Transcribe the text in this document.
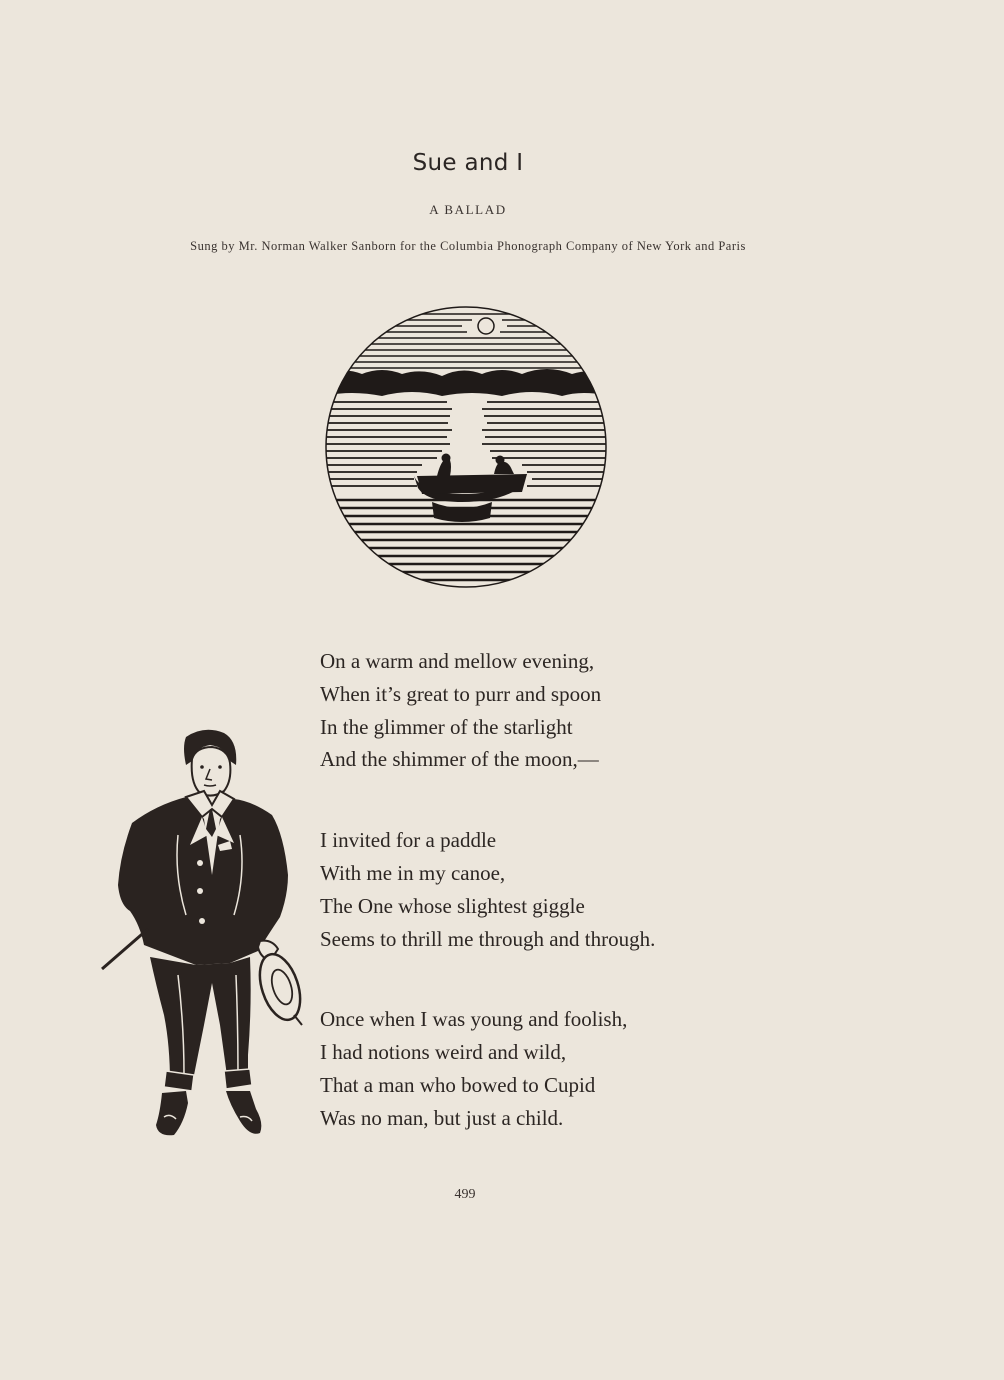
Sue and I
A BALLAD
Sung by Mr. Norman Walker Sanborn for the Columbia Phonograph Company of New York and Paris
On a warm and mellow evening,
When it’s great to purr and spoon
In the glimmer of the starlight
And the shimmer of the moon,—
I invited for a paddle
With me in my canoe,
The One whose slightest giggle
Seems to thrill me through and through.
Once when I was young and foolish,
I had notions weird and wild,
That a man who bowed to Cupid
Was no man, but just a child.
499
